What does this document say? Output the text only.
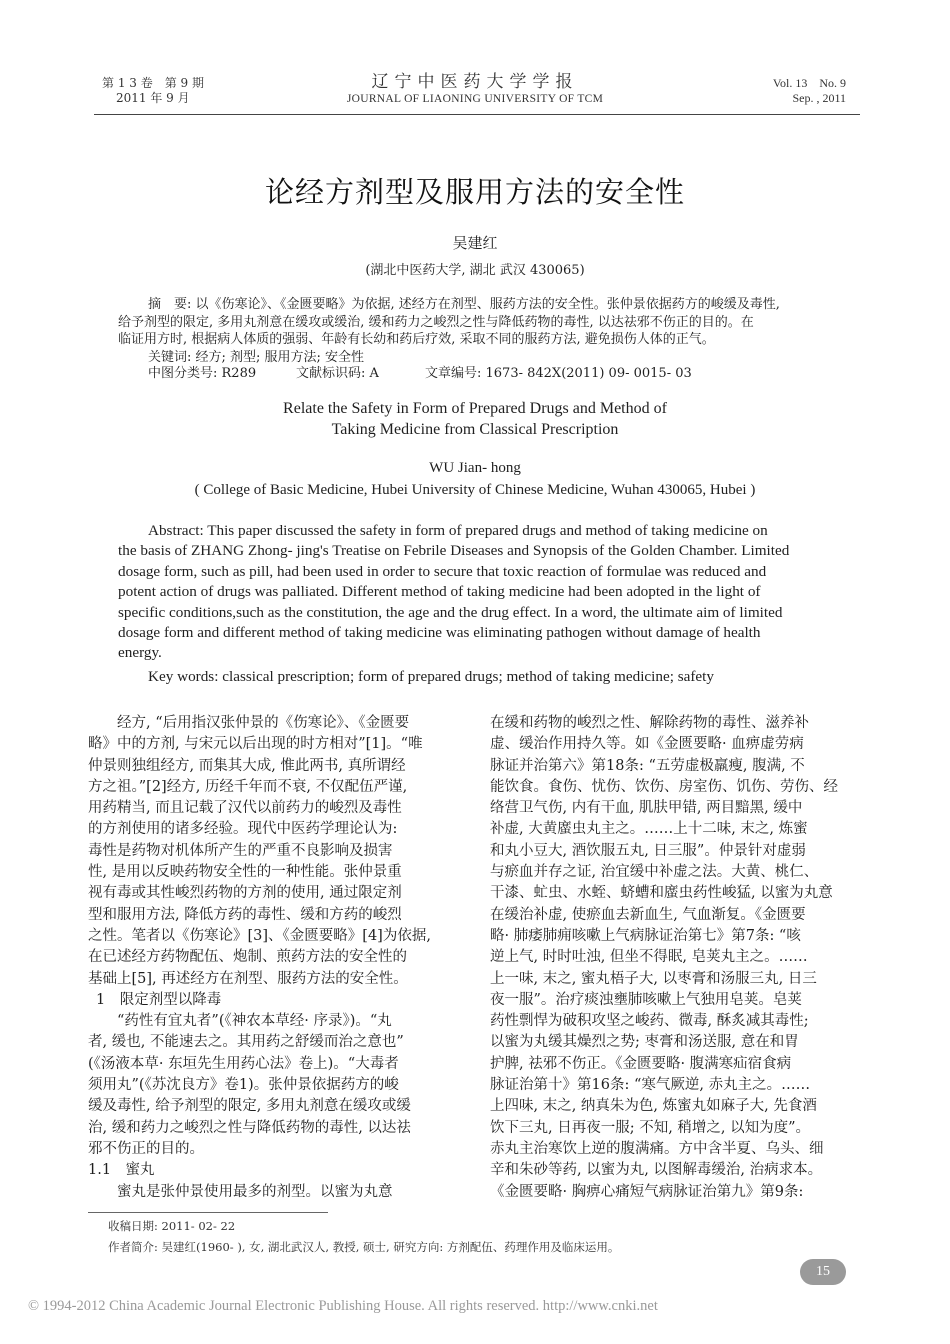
第 1 3 卷　第 9 期
2011 年 9 月
辽宁中医药大学学报
JOURNAL OF LIAONING UNIVERSITY OF TCM
Vol. 13　No. 9
Sep. , 2011
论经方剂型及服用方法的安全性
吴建红
(湖北中医药大学, 湖北 武汉 430065)

摘　要: 以《伤寒论》、《金匮要略》为依据, 述经方在剂型、服药方法的安全性。张仲景依据药方的峻缓及毒性,

给予剂型的限定, 多用丸剂意在缓攻或缓治, 缓和药力之峻烈之性与降低药物的毒性, 以达祛邪不伤正的目的。在

临证用方时, 根据病人体质的强弱、年龄有长幼和药后疗效, 采取不同的服药方法, 避免损伤人体的正气。

关键词: 经方; 剂型; 服用方法; 安全性
中图分类号: R289	文献标识码: A	文章编号: 1673- 842X(2011) 09- 0015- 03
Relate the Safety in Form of Prepared Drugs and Method of
Taking Medicine from Classical Prescription
WU Jian- hong
( College of Basic Medicine, Hubei University of Chinese Medicine, Wuhan 430065, Hubei )

Abstract: This paper discussed the safety in form of prepared drugs and method of taking medicine on

the basis of ZHANG Zhong- jing's Treatise on Febrile Diseases and Synopsis of the Golden Chamber. Limited

dosage form, such as pill, had been used in order to secure that toxic reaction of formulae was reduced and

potent action of drugs was palliated. Different method of taking medicine had been adopted in the light of

specific conditions,such as the constitution, the age and the drug effect. In a word, the ultimate aim of limited

dosage form and different method of taking medicine was eliminating pathogen without damage of health

energy.

Key words: classical prescription; form of prepared drugs; method of taking medicine; safety
　　经方, “后用指汉张仲景的《伤寒论》、《金匮要
略》中的方剂, 与宋元以后出现的时方相对”[1]。“唯
仲景则独组经方, 而集其大成, 惟此两书, 真所谓经
方之祖。”[2]经方, 历经千年而不衰, 不仅配伍严谨,
用药精当, 而且记载了汉代以前药力的峻烈及毒性
的方剂使用的诸多经验。现代中医药学理论认为:
毒性是药物对机体所产生的严重不良影响及损害
性, 是用以反映药物安全性的一种性能。张仲景重
视有毒或其性峻烈药物的方剂的使用, 通过限定剂
型和服用方法, 降低方药的毒性、缓和方药的峻烈
之性。笔者以《伤寒论》[3]、《金匮要略》[4]为依据,
在已述经方药物配伍、炮制、煎药方法的安全性的
基础上[5], 再述经方在剂型、服药方法的安全性。
1　限定剂型以降毒
　　“药性有宜丸者”(《神农本草经· 序录》)。“丸
者, 缓也, 不能速去之。其用药之舒缓而治之意也”
(《汤液本草· 东垣先生用药心法》卷上)。“大毒者
须用丸”(《苏沈良方》卷1)。张仲景依据药方的峻
缓及毒性, 给予剂型的限定, 多用丸剂意在缓攻或缓
治, 缓和药力之峻烈之性与降低药物的毒性, 以达祛
邪不伤正的目的。
1.1　蜜丸
　　蜜丸是张仲景使用最多的剂型。以蜜为丸意
在缓和药物的峻烈之性、解除药物的毒性、滋养补
虚、缓治作用持久等。如《金匮要略· 血痹虚劳病
脉证并治第六》第18条: “五劳虚极羸瘦, 腹满, 不
能饮食。食伤、忧伤、饮伤、房室伤、饥伤、劳伤、经
络营卫气伤, 内有干血, 肌肤甲错, 两目黯黑, 缓中
补虚, 大黄䗪虫丸主之。……上十二味, 末之, 炼蜜
和丸小豆大, 酒饮服五丸, 日三服”。仲景针对虚弱
与瘀血并存之证, 治宜缓中补虚之法。大黄、桃仁、
干漆、虻虫、水蛭、蛴螬和䗪虫药性峻猛, 以蜜为丸意
在缓治补虚, 使瘀血去新血生, 气血渐复。《金匮要
略· 肺痿肺痈咳嗽上气病脉证治第七》第7条: “咳
逆上气, 时时吐浊, 但坐不得眠, 皂荚丸主之。……
上一味, 末之, 蜜丸梧子大, 以枣膏和汤服三丸, 日三
夜一服”。治疗痰浊壅肺咳嗽上气独用皂荚。皂荚
药性剽悍为破积攻坚之峻药、微毒, 酥炙减其毒性;
以蜜为丸缓其燥烈之势; 枣膏和汤送服, 意在和胃
护脾, 祛邪不伤正。《金匮要略· 腹满寒疝宿食病
脉证治第十》第16条: “寒气厥逆, 赤丸主之。……
上四味, 末之, 纳真朱为色, 炼蜜丸如麻子大, 先食酒
饮下三丸, 日再夜一服; 不知, 稍增之, 以知为度”。
赤丸主治寒饮上逆的腹满痛。方中含半夏、乌头、细
辛和朱砂等药, 以蜜为丸, 以图解毒缓治, 治病求本。
《金匮要略· 胸痹心痛短气病脉证治第九》第9条:
收稿日期: 2011- 02- 22
作者简介: 吴建红(1960- ), 女, 湖北武汉人, 教授, 硕士, 研究方向: 方剂配伍、药理作用及临床运用。
15
© 1994-2012 China Academic Journal Electronic Publishing House. All rights reserved. http://www.cnki.net
